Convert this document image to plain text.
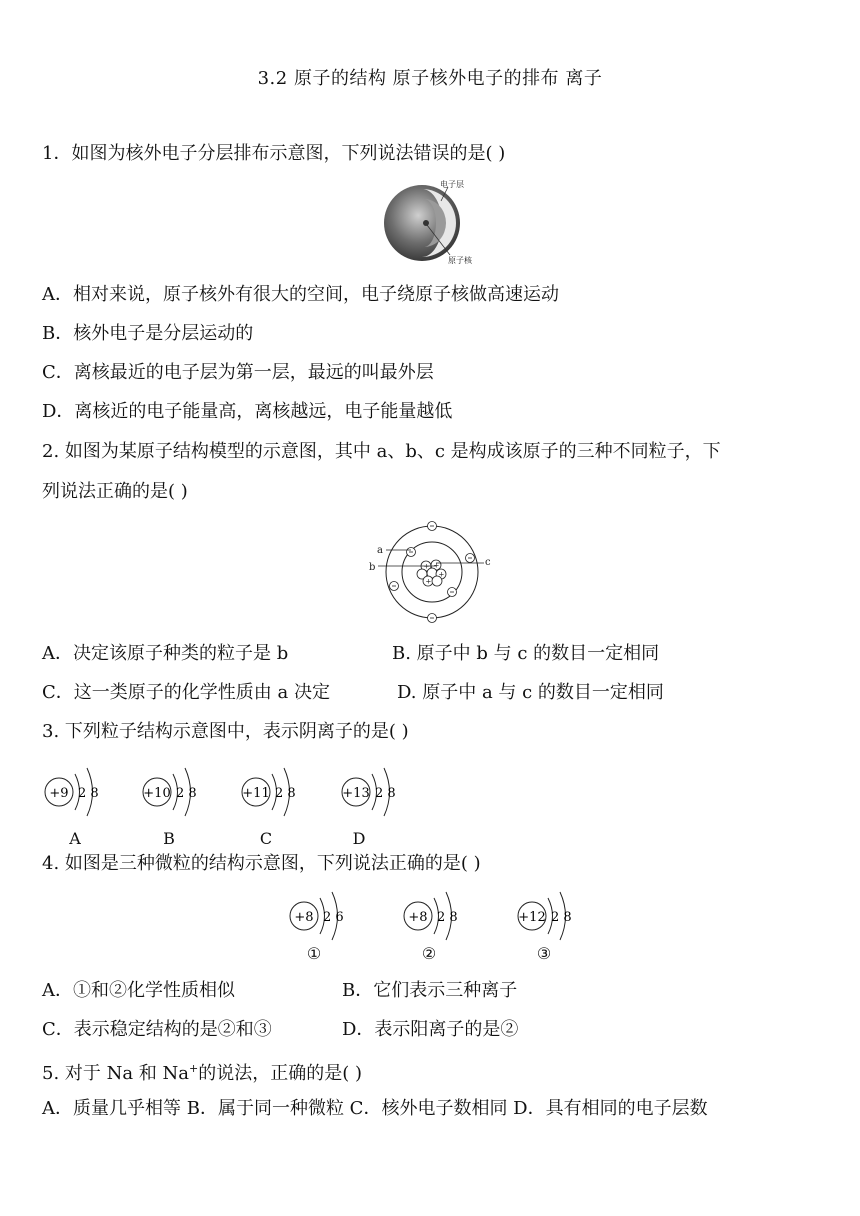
3.2 原子的结构 原子核外电子的排布 离子
1．如图为核外电子分层排布示意图，下列说法错误的是( )
电子层
原子核
A．相对来说，原子核外有很大的空间，电子绕原子核做高速运动
B．核外电子是分层运动的
C．离核最近的电子层为第一层，最远的叫最外层
D．离核近的电子能量高，离核越远，电子能量越低
2. 如图为某原子结构模型的示意图，其中 a、b、c 是构成该原子的三种不同粒子，下
列说法正确的是( )
+ +
+
+
a
b	c
A．决定该原子种类的粒子是 b	B. 原子中 b 与 c 的数目一定相同
C．这一类原子的化学性质由 a 决定	D. 原子中 a 与 c 的数目一定相同
3. 下列粒子结构示意图中，表示阴离子的是( )
+9 2 8
A
+10 2 8
B
+11 2 8
C
+13 2 8
D
4. 如图是三种微粒的结构示意图，下列说法正确的是( )
+8 2 6
①
+8 2 8
②
+12 2 8
③
A．①和②化学性质相似	B．它们表示三种离子
C．表示稳定结构的是②和③	D．表示阳离子的是②
5. 对于 Na 和 Na+的说法，正确的是( )
A．质量几乎相等 B．属于同一种微粒 C．核外电子数相同 D．具有相同的电子层数
